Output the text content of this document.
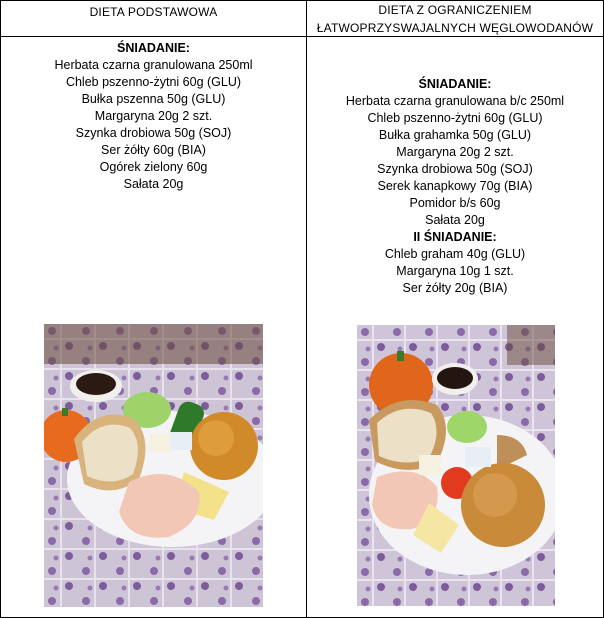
DIETA PODSTAWOWA	DIETA Z OGRANICZENIEM
ŁATWOPRZYSWAJALNYCH WĘGLOWODANÓW
ŚNIADANIE:
Herbata czarna granulowana 250ml
Chleb pszenno-żytni 60g (GLU)
Bułka pszenna 50g (GLU)
Margaryna 20g 2 szt.
Szynka drobiowa 50g (SOJ)
Ser żółty 60g (BIA)
Ogórek zielony 60g
Sałata 20g
ŚNIADANIE:
Herbata czarna granulowana b/c 250ml
Chleb pszenno-żytni 60g (GLU)
Bułka grahamka 50g (GLU)
Margaryna 20g 2 szt.
Szynka drobiowa 50g (SOJ)
Serek kanapkowy 70g (BIA)
Pomidor b/s 60g
Sałata 20g
II ŚNIADANIE:
Chleb graham 40g (GLU)
Margaryna 10g 1 szt.
Ser żółty 20g (BIA)
